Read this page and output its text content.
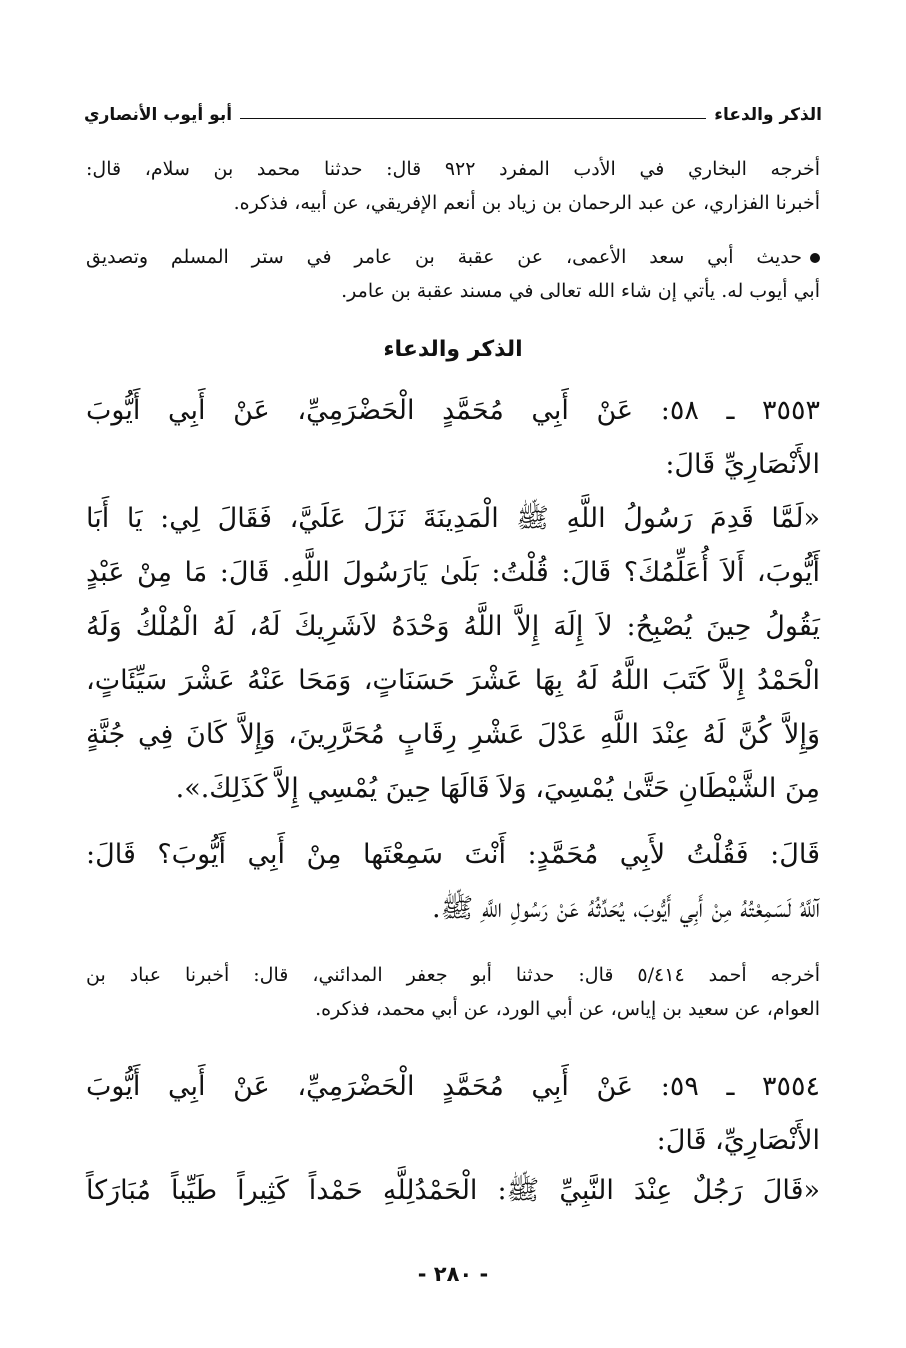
الذكر والدعاء
أبو أيوب الأنصاري
أخرجه البخاري في الأدب المفرد ٩٢٢ قال: حدثنا محمد بن سلام، قال:
أخبرنا الفزاري، عن عبد الرحمان بن زياد بن أنعم الإفريقي، عن أبيه، فذكره.
حديث أبي سعد الأعمى، عن عقبة بن عامر في ستر المسلم وتصديق
أبي أيوب له. يأتي إن شاء الله تعالى في مسند عقبة بن عامر.
الذكر والدعاء
٣٥٥٣ ـ ٥٨: عَنْ أَبِي مُحَمَّدٍ الْحَضْرَمِيِّ، عَنْ أَبِي أَيُّوبَ
الأَنْصَارِيِّ قَالَ:
«لَمَّا قَدِمَ رَسُولُ اللَّهِ ﷺ الْمَدِينَةَ نَزَلَ عَلَيَّ، فَقَالَ لِي: يَا أَبَا
أَيُّوبَ، أَلاَ أُعَلِّمُكَ؟ قَالَ: قُلْتُ: بَلَىٰ يَارَسُولَ اللَّهِ. قَالَ: مَا مِنْ عَبْدٍ
يَقُولُ حِينَ يُصْبِحُ: لاَ إِلَهَ إِلاَّ اللَّهُ وَحْدَهُ لاَشَرِيكَ لَهُ، لَهُ الْمُلْكُ وَلَهُ
الْحَمْدُ إِلاَّ كَتَبَ اللَّهُ لَهُ بِهَا عَشْرَ حَسَنَاتٍ، وَمَحَا عَنْهُ عَشْرَ سَيِّئَاتٍ،
وَإِلاَّ كُنَّ لَهُ عِنْدَ اللَّهِ عَدْلَ عَشْرِ رِقَابٍ مُحَرَّرِينَ، وَإِلاَّ كَانَ فِي جُنَّةٍ
مِنَ الشَّيْطَانِ حَتَّىٰ يُمْسِيَ، وَلاَ قَالَهَا حِينَ يُمْسِي إِلاَّ كَذَلِكَ.».
قَالَ: فَقُلْتُ لأَبِي مُحَمَّدٍ: أَنْتَ سَمِعْتَها مِنْ أَبِي أَيُّوبَ؟ قَالَ:
آللَّهُ لَسَمِعْتُهُ مِنْ أَبِي أَيُّوبَ، يُحَدِّثُهُ عَنْ رَسُولِ اللَّهِ ﷺ.
أخرجه أحمد ٥/٤١٤ قال: حدثنا أبو جعفر المدائني، قال: أخبرنا عباد بن
العوام، عن سعيد بن إياس، عن أبي الورد، عن أبي محمد، فذكره.
٣٥٥٤ ـ ٥٩: عَنْ أَبِي مُحَمَّدٍ الْحَضْرَمِيِّ، عَنْ أَبِي أَيُّوبَ
الأَنْصَارِيِّ، قَالَ:
«قَالَ رَجُلٌ عِنْدَ النَّبِيِّ ﷺ: الْحَمْدُلِلَّهِ حَمْداً كَثِيراً طَيِّباً مُبَارَكاً
- ٢٨٠ -
